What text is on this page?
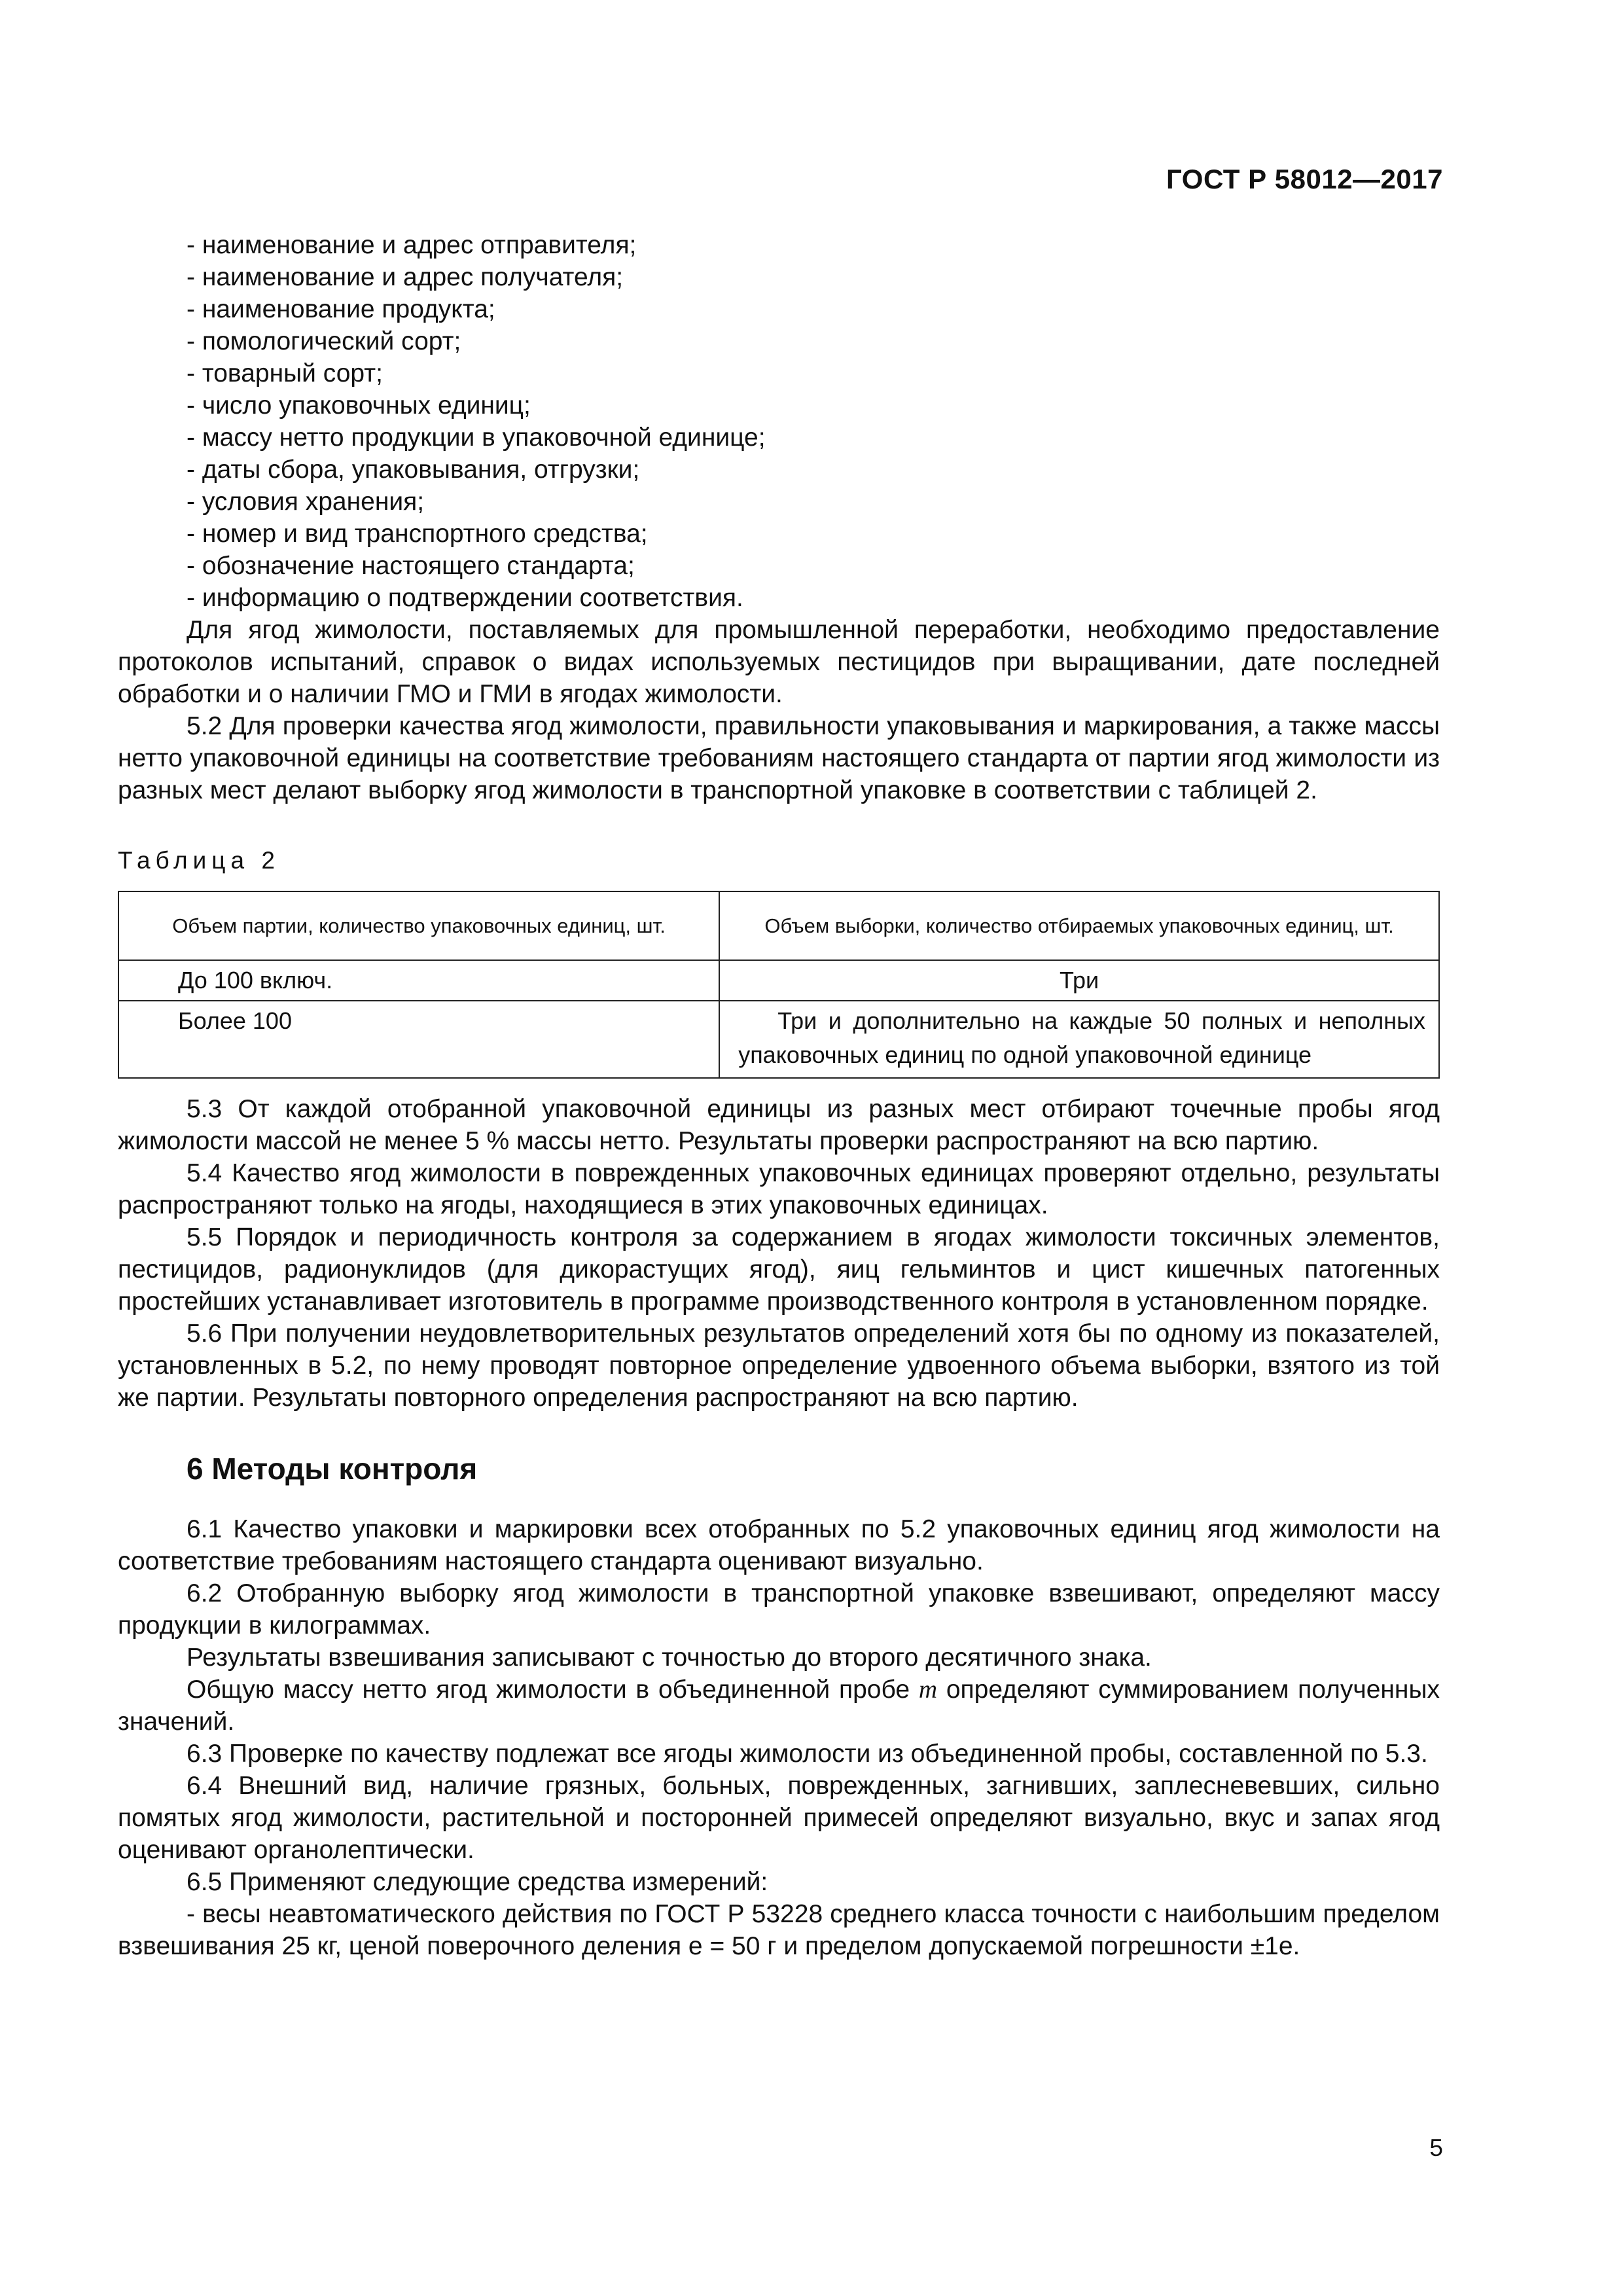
ГОСТ Р 58012—2017
- наименование и адрес отправителя;
- наименование и адрес получателя;
- наименование продукта;
- помологический сорт;
- товарный сорт;
- число упаковочных единиц;
- массу нетто продукции в упаковочной единице;
- даты сбора, упаковывания, отгрузки;
- условия хранения;
- номер и вид транспортного средства;
- обозначение настоящего стандарта;
- информацию о подтверждении соответствия.

Для ягод жимолости, поставляемых для промышленной переработки, необходимо предоставление протоколов испытаний, справок о видах используемых пестицидов при выращивании, дате последней обработки и о наличии ГМО и ГМИ в ягодах жимолости.

5.2 Для проверки качества ягод жимолости, правильности упаковывания и маркирования, а также массы нетто упаковочной единицы на соответствие требованиям настоящего стандарта от партии ягод жимолости из разных мест делают выборку ягод жимолости в транспортной упаковке в соответствии с таблицей 2.

Таблица 2
Объем партии, количество упаковочных единиц, шт.	Объем выборки, количество отбираемых упаковочных единиц, шт.
До 100 включ.	Три
Более 100	Три и дополнительно на каждые 50 полных и неполных упаковочных единиц по одной упаковочной единице

5.3 От каждой отобранной упаковочной единицы из разных мест отбирают точечные пробы ягод жимолости массой не менее 5 % массы нетто. Результаты проверки распространяют на всю партию.

5.4 Качество ягод жимолости в поврежденных упаковочных единицах проверяют отдельно, результаты распространяют только на ягоды, находящиеся в этих упаковочных единицах.

5.5 Порядок и периодичность контроля за содержанием в ягодах жимолости токсичных элементов, пестицидов, радионуклидов (для дикорастущих ягод), яиц гельминтов и цист кишечных патогенных простейших устанавливает изготовитель в программе производственного контроля в установленном порядке.

5.6 При получении неудовлетворительных результатов определений хотя бы по одному из показателей, установленных в 5.2, по нему проводят повторное определение удвоенного объема выборки, взятого из той же партии. Результаты повторного определения распространяют на всю партию.

6 Методы контроля

6.1 Качество упаковки и маркировки всех отобранных по 5.2 упаковочных единиц ягод жимолости на соответствие требованиям настоящего стандарта оценивают визуально.

6.2 Отобранную выборку ягод жимолости в транспортной упаковке взвешивают, определяют массу продукции в килограммах.

Результаты взвешивания записывают с точностью до второго десятичного знака.

Общую массу нетто ягод жимолости в объединенной пробе m определяют суммированием полученных значений.

6.3 Проверке по качеству подлежат все ягоды жимолости из объединенной пробы, составленной по 5.3.

6.4 Внешний вид, наличие грязных, больных, поврежденных, загнивших, заплесневевших, сильно помятых ягод жимолости, растительной и посторонней примесей определяют визуально, вкус и запах ягод оценивают органолептически.

6.5 Применяют следующие средства измерений:

- весы неавтоматического действия по ГОСТ Р 53228 среднего класса точности с наибольшим пределом взвешивания 25 кг, ценой поверочного деления e = 50 г и пределом допускаемой погрешности ±1e.

5
